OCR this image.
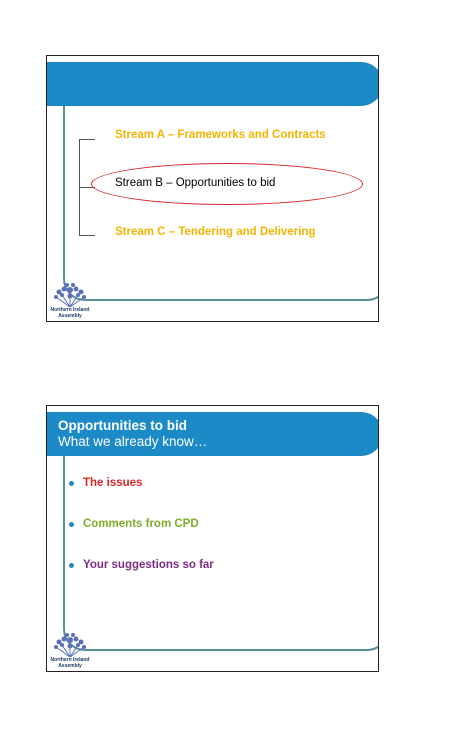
Stream A – Frameworks and Contracts
Stream B – Opportunities to bid
Stream C – Tendering and Delivering
Northern Ireland
Assembly
Opportunities to bid
What we already know…
The issues
Comments from CPD
Your suggestions so far
Northern Ireland
Assembly
